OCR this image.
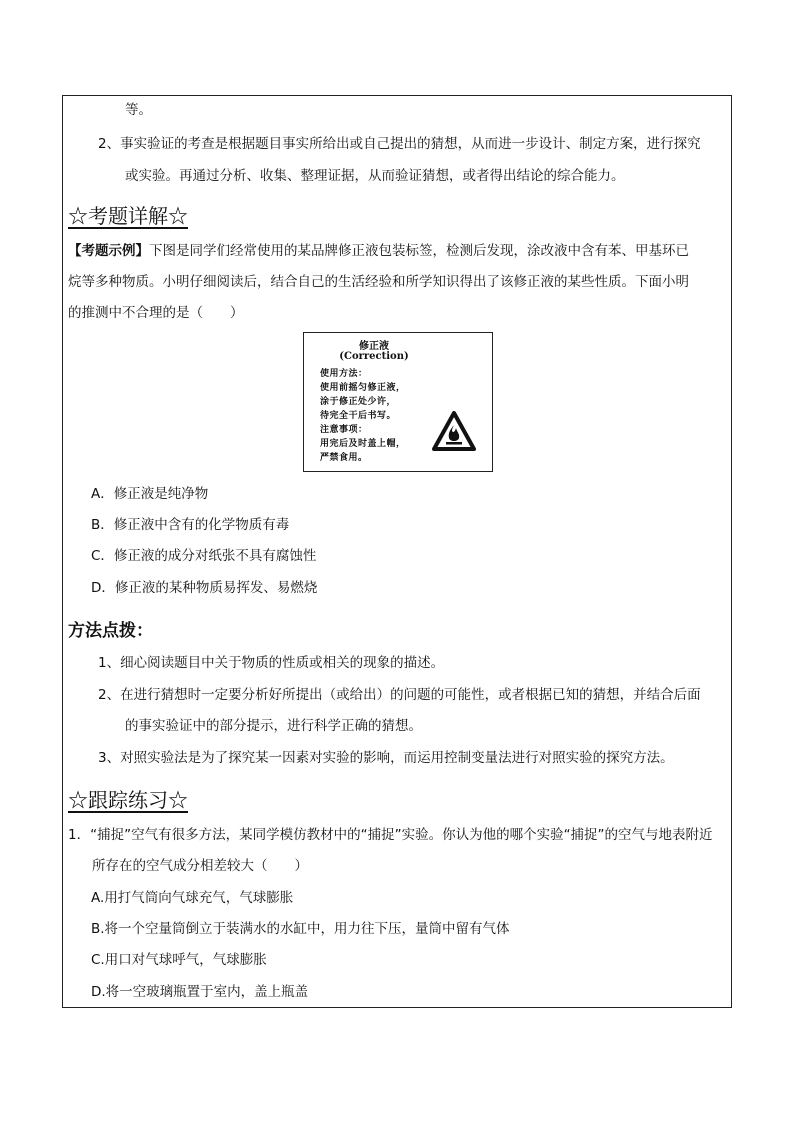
等。
2、事实验证的考查是根据题目事实所给出或自己提出的猜想，从而进一步设计、制定方案，进行探究
或实验。再通过分析、收集、整理证据，从而验证猜想，或者得出结论的综合能力。
☆考题详解☆
【考题示例】下图是同学们经常使用的某品牌修正液包装标签，检测后发现，涂改液中含有苯、甲基环已
烷等多种物质。小明仔细阅读后，结合自己的生活经验和所学知识得出了该修正液的某些性质。下面小明
的推测中不合理的是（　　）
修正液
(Correction)
使用方法：
使用前摇匀修正液，
涂于修正处少许，
待完全干后书写。
注意事项：
用完后及时盖上帽，
严禁食用。
A．修正液是纯净物
B．修正液中含有的化学物质有毒
C．修正液的成分对纸张不具有腐蚀性
D．修正液的某种物质易挥发、易燃烧
方法点拨：
1、细心阅读题目中关于物质的性质或相关的现象的描述。
2、在进行猜想时一定要分析好所提出（或给出）的问题的可能性，或者根据已知的猜想，并结合后面
的事实验证中的部分提示，进行科学正确的猜想。
3、对照实验法是为了探究某一因素对实验的影响，而运用控制变量法进行对照实验的探究方法。
☆跟踪练习☆
1．“捕捉”空气有很多方法，某同学模仿教材中的“捕捉”实验。你认为他的哪个实验“捕捉”的空气与地表附近
所存在的空气成分相差较大（　　）
A.用打气筒向气球充气，气球膨胀
B.将一个空量筒倒立于装满水的水缸中，用力往下压，量筒中留有气体
C.用口对气球呼气，气球膨胀
D.将一空玻璃瓶置于室内，盖上瓶盖
